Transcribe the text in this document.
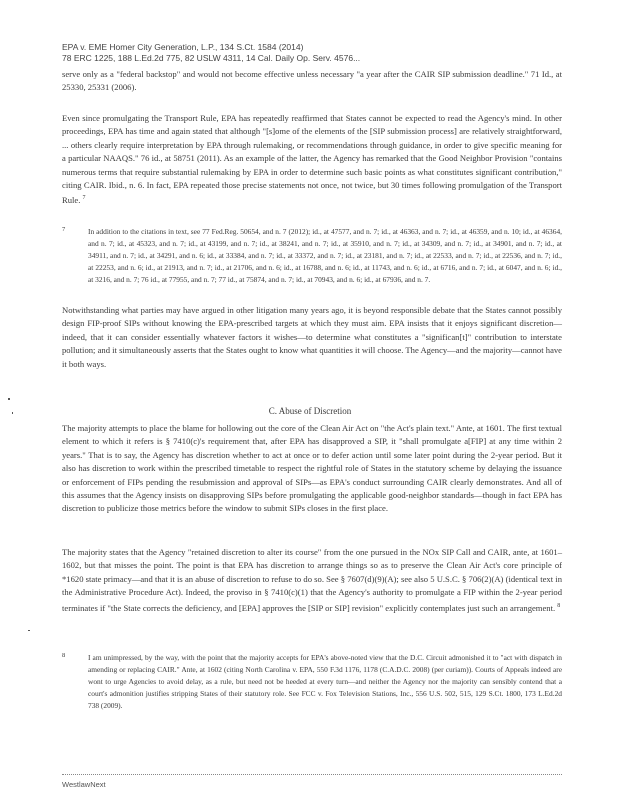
EPA v. EME Homer City Generation, L.P., 134 S.Ct. 1584 (2014)
78 ERC 1225, 188 L.Ed.2d 775, 82 USLW 4311, 14 Cal. Daily Op. Serv. 4576...

serve only as a "federal backstop" and would not become effective unless necessary "a year after the CAIR SIP submission deadline." 71 Id., at 25330, 25331 (2006).

Even since promulgating the Transport Rule, EPA has repeatedly reaffirmed that States cannot be expected to read the Agency's mind. In other proceedings, EPA has time and again stated that although "[s]ome of the elements of the [SIP submission process] are relatively straightforward, ... others clearly require interpretation by EPA through rulemaking, or recommendations through guidance, in order to give specific meaning for a particular NAAQS." 76 id., at 58751 (2011). As an example of the latter, the Agency has remarked that the Good Neighbor Provision "contains numerous terms that require substantial rulemaking by EPA in order to determine such basic points as what constitutes significant contribution," citing CAIR. Ibid., n. 6. In fact, EPA repeated those precise statements not once, not twice, but 30 times following promulgation of the Transport Rule. $^7$

7	In addition to the citations in text, see 77 Fed.Reg. 50654, and n. 7 (2012); id., at 47577, and n. 7; id., at 46363, and n. 7; id., at 46359, and n. 10; id., at 46364, and n. 7; id., at 45323, and n. 7; id., at 43199, and n. 7; id., at 38241, and n. 7; id., at 35910, and n. 7; id., at 34309, and n. 7; id., at 34901, and n. 7; id., at 34911, and n. 7; id., at 34291, and n. 6; id., at 33384, and n. 7; id., at 33372, and n. 7; id., at 23181, and n. 7; id., at 22533, and n. 7; id., at 22536, and n. 7; id., at 22253, and n. 6; id., at 21913, and n. 7; id., at 21706, and n. 6; id., at 16788, and n. 6; id., at 11743, and n. 6; id., at 6716, and n. 7; id., at 6047, and n. 6; id., at 3216, and n. 7; 76 id., at 77955, and n. 7; 77 id., at 75874, and n. 7; id., at 70943, and n. 6; id., at 67936, and n. 7.

Notwithstanding what parties may have argued in other litigation many years ago, it is beyond responsible debate that the States cannot possibly design FIP-proof SIPs without knowing the EPA-prescribed targets at which they must aim. EPA insists that it enjoys significant discretion—indeed, that it can consider essentially whatever factors it wishes—to determine what constitutes a "significan[t]" contribution to interstate pollution; and it simultaneously asserts that the States ought to know what quantities it will choose. The Agency—and the majority—cannot have it both ways.

C. Abuse of Discretion

The majority attempts to place the blame for hollowing out the core of the Clean Air Act on "the Act's plain text." Ante, at 1601. The first textual element to which it refers is § 7410(c)'s requirement that, after EPA has disapproved a SIP, it "shall promulgate a[FIP] at any time within 2 years." That is to say, the Agency has discretion whether to act at once or to defer action until some later point during the 2-year period. But it also has discretion to work within the prescribed timetable to respect the rightful role of States in the statutory scheme by delaying the issuance or enforcement of FIPs pending the resubmission and approval of SIPs—as EPA's conduct surrounding CAIR clearly demonstrates. And all of this assumes that the Agency insists on disapproving SIPs before promulgating the applicable good-neighbor standards—though in fact EPA has discretion to publicize those metrics before the window to submit SIPs closes in the first place.

The majority states that the Agency "retained discretion to alter its course" from the one pursued in the NOx SIP Call and CAIR, ante, at 1601–1602, but that misses the point. The point is that EPA has discretion to arrange things so as to preserve the Clean Air Act's core principle of *1620 state primacy—and that it is an abuse of discretion to refuse to do so. See § 7607(d)(9)(A); see also 5 U.S.C. § 706(2)(A) (identical text in the Administrative Procedure Act). Indeed, the proviso in § 7410(c)(1) that the Agency's authority to promulgate a FIP within the 2-year period terminates if "the State corrects the deficiency, and [EPA] approves the [SIP or SIP] revision" explicitly contemplates just such an arrangement. $^8$

8	I am unimpressed, by the way, with the point that the majority accepts for EPA's above-noted view that the D.C. Circuit admonished it to "act with dispatch in amending or replacing CAIR." Ante, at 1602 (citing North Carolina v. EPA, 550 F.3d 1176, 1178 (C.A.D.C. 2008) (per curiam)). Courts of Appeals indeed are wont to urge Agencies to avoid delay, as a rule, but need not be heeded at every turn—and neither the Agency nor the majority can sensibly contend that a court's admonition justifies stripping States of their statutory role. See FCC v. Fox Television Stations, Inc., 556 U.S. 502, 515, 129 S.Ct. 1800, 173 L.Ed.2d 738 (2009).
WestlawNext
